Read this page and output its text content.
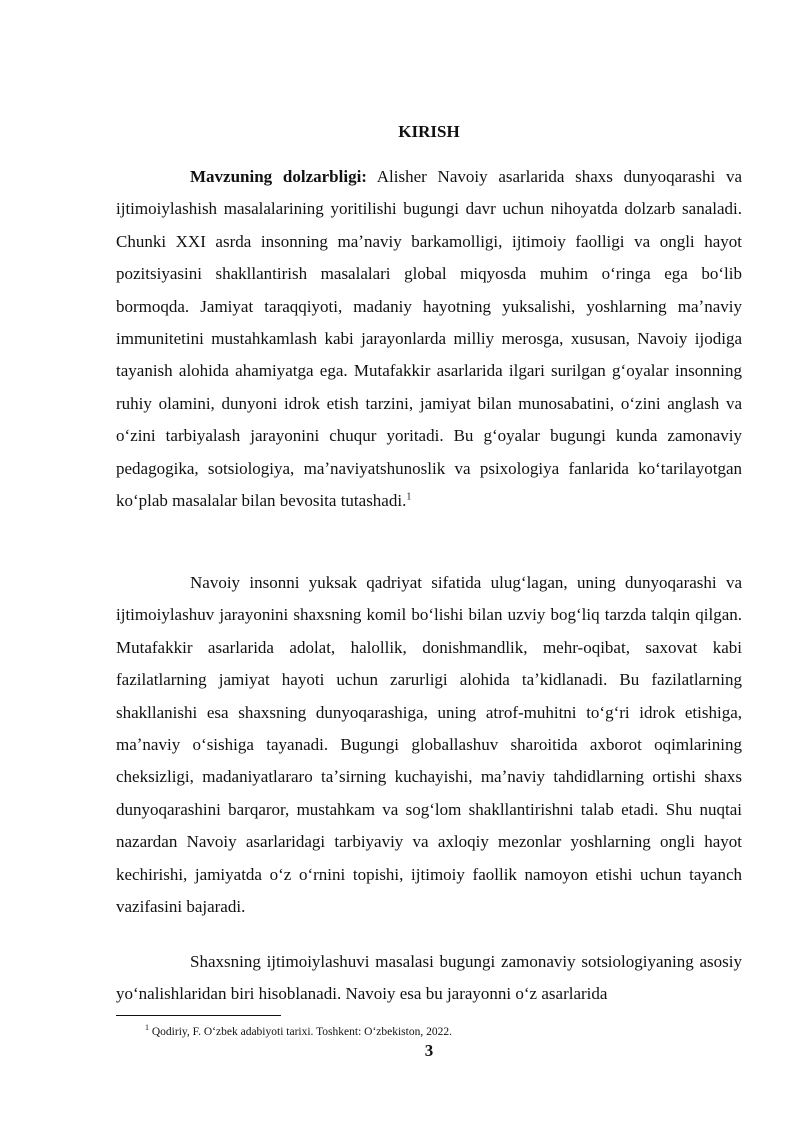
KIRISH

Mavzuning dolzarbligi: Alisher Navoiy asarlarida shaxs dunyoqarashi va ijtimoiylashish masalalarining yoritilishi bugungi davr uchun nihoyatda dolzarb sanaladi. Chunki XXI asrda insonning maʼnaviy barkamolligi, ijtimoiy faolligi va ongli hayot pozitsiyasini shakllantirish masalalari global miqyosda muhim oʻringa ega boʻlib bormoqda. Jamiyat taraqqiyoti, madaniy hayotning yuksalishi, yoshlarning maʼnaviy immunitetini mustahkamlash kabi jarayonlarda milliy merosga, xususan, Navoiy ijodiga tayanish alohida ahamiyatga ega. Mutafakkir asarlarida ilgari surilgan gʻoyalar insonning ruhiy olamini, dunyoni idrok etish tarzini, jamiyat bilan munosabatini, oʻzini anglash va oʻzini tarbiyalash jarayonini chuqur yoritadi. Bu gʻoyalar bugungi kunda zamonaviy pedagogika, sotsiologiya, maʼnaviyatshunoslik va psixologiya fanlarida koʻtarilayotgan koʻplab masalalar bilan bevosita tutashadi.$^1$

Navoiy insonni yuksak qadriyat sifatida ulugʻlagan, uning dunyoqarashi va ijtimoiylashuv jarayonini shaxsning komil boʻlishi bilan uzviy bogʻliq tarzda talqin qilgan. Mutafakkir asarlarida adolat, halollik, donishmandlik, mehr-oqibat, saxovat kabi fazilatlarning jamiyat hayoti uchun zarurligi alohida taʼkidlanadi. Bu fazilatlarning shakllanishi esa shaxsning dunyoqarashiga, uning atrof-muhitni toʻgʻri idrok etishiga, maʼnaviy oʻsishiga tayanadi. Bugungi globallashuv sharoitida axborot oqimlarining cheksizligi, madaniyatlararo taʼsirning kuchayishi, maʼnaviy tahdidlarning ortishi shaxs dunyoqarashini barqaror, mustahkam va sogʻlom shakllantirishni talab etadi. Shu nuqtai nazardan Navoiy asarlaridagi tarbiyaviy va axloqiy mezonlar yoshlarning ongli hayot kechirishi, jamiyatda oʻz oʻrnini topishi, ijtimoiy faollik namoyon etishi uchun tayanch vazifasini bajaradi.

Shaxsning ijtimoiylashuvi masalasi bugungi zamonaviy sotsiologiyaning asosiy yoʻnalishlaridan biri hisoblanadi. Navoiy esa bu jarayonni oʻz asarlarida

$^1$ Qodiriy, F. Oʻzbek adabiyoti tarixi. Toshkent: Oʻzbekiston, 2022.
3
